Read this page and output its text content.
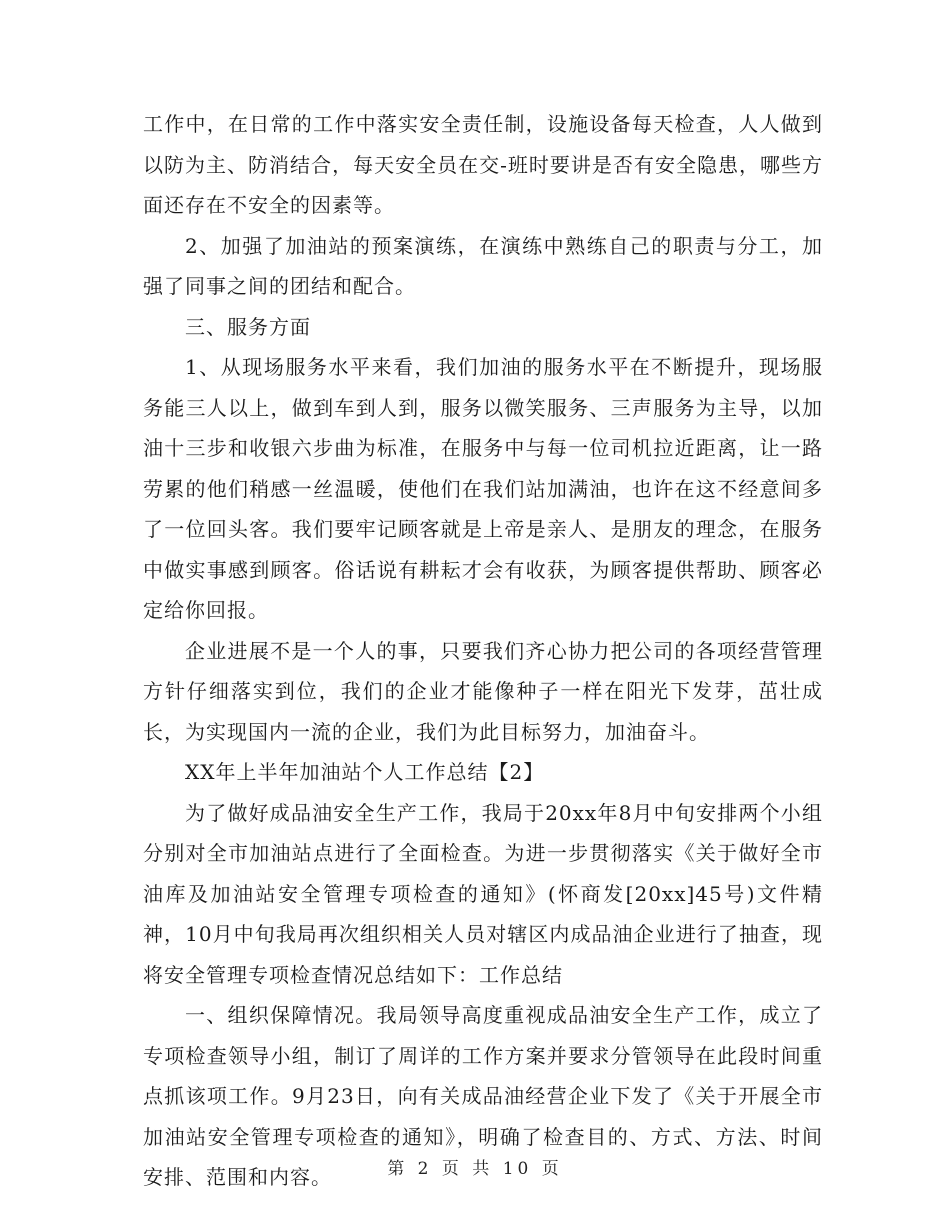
工作中，在日常的工作中落实安全责任制，设施设备每天检查，人人做到以防为主、防消结合，每天安全员在交-班时要讲是否有安全隐患，哪些方面还存在不安全的因素等。

2、加强了加油站的预案演练，在演练中熟练自己的职责与分工，加强了同事之间的团结和配合。

三、服务方面

1、从现场服务水平来看，我们加油的服务水平在不断提升，现场服务能三人以上，做到车到人到，服务以微笑服务、三声服务为主导，以加油十三步和收银六步曲为标准，在服务中与每一位司机拉近距离，让一路劳累的他们稍感一丝温暖，使他们在我们站加满油，也许在这不经意间多了一位回头客。我们要牢记顾客就是上帝是亲人、是朋友的理念，在服务中做实事感到顾客。俗话说有耕耘才会有收获，为顾客提供帮助、顾客必定给你回报。

企业进展不是一个人的事，只要我们齐心协力把公司的各项经营管理方针仔细落实到位，我们的企业才能像种子一样在阳光下发芽，茁壮成长，为实现国内一流的企业，我们为此目标努力，加油奋斗。

XX年上半年加油站个人工作总结【2】

为了做好成品油安全生产工作，我局于20xx年8月中旬安排两个小组分别对全市加油站点进行了全面检查。为进一步贯彻落实《关于做好全市油库及加油站安全管理专项检查的通知》(怀商发[20xx]45号)文件精神，10月中旬我局再次组织相关人员对辖区内成品油企业进行了抽查，现将安全管理专项检查情况总结如下：工作总结

一、组织保障情况。我局领导高度重视成品油安全生产工作，成立了专项检查领导小组，制订了周详的工作方案并要求分管领导在此段时间重点抓该项工作。9月23日，向有关成品油经营企业下发了《关于开展全市加油站安全管理专项检查的通知》，明确了检查目的、方式、方法、时间安排、范围和内容。	第 2 页 共 10 页
